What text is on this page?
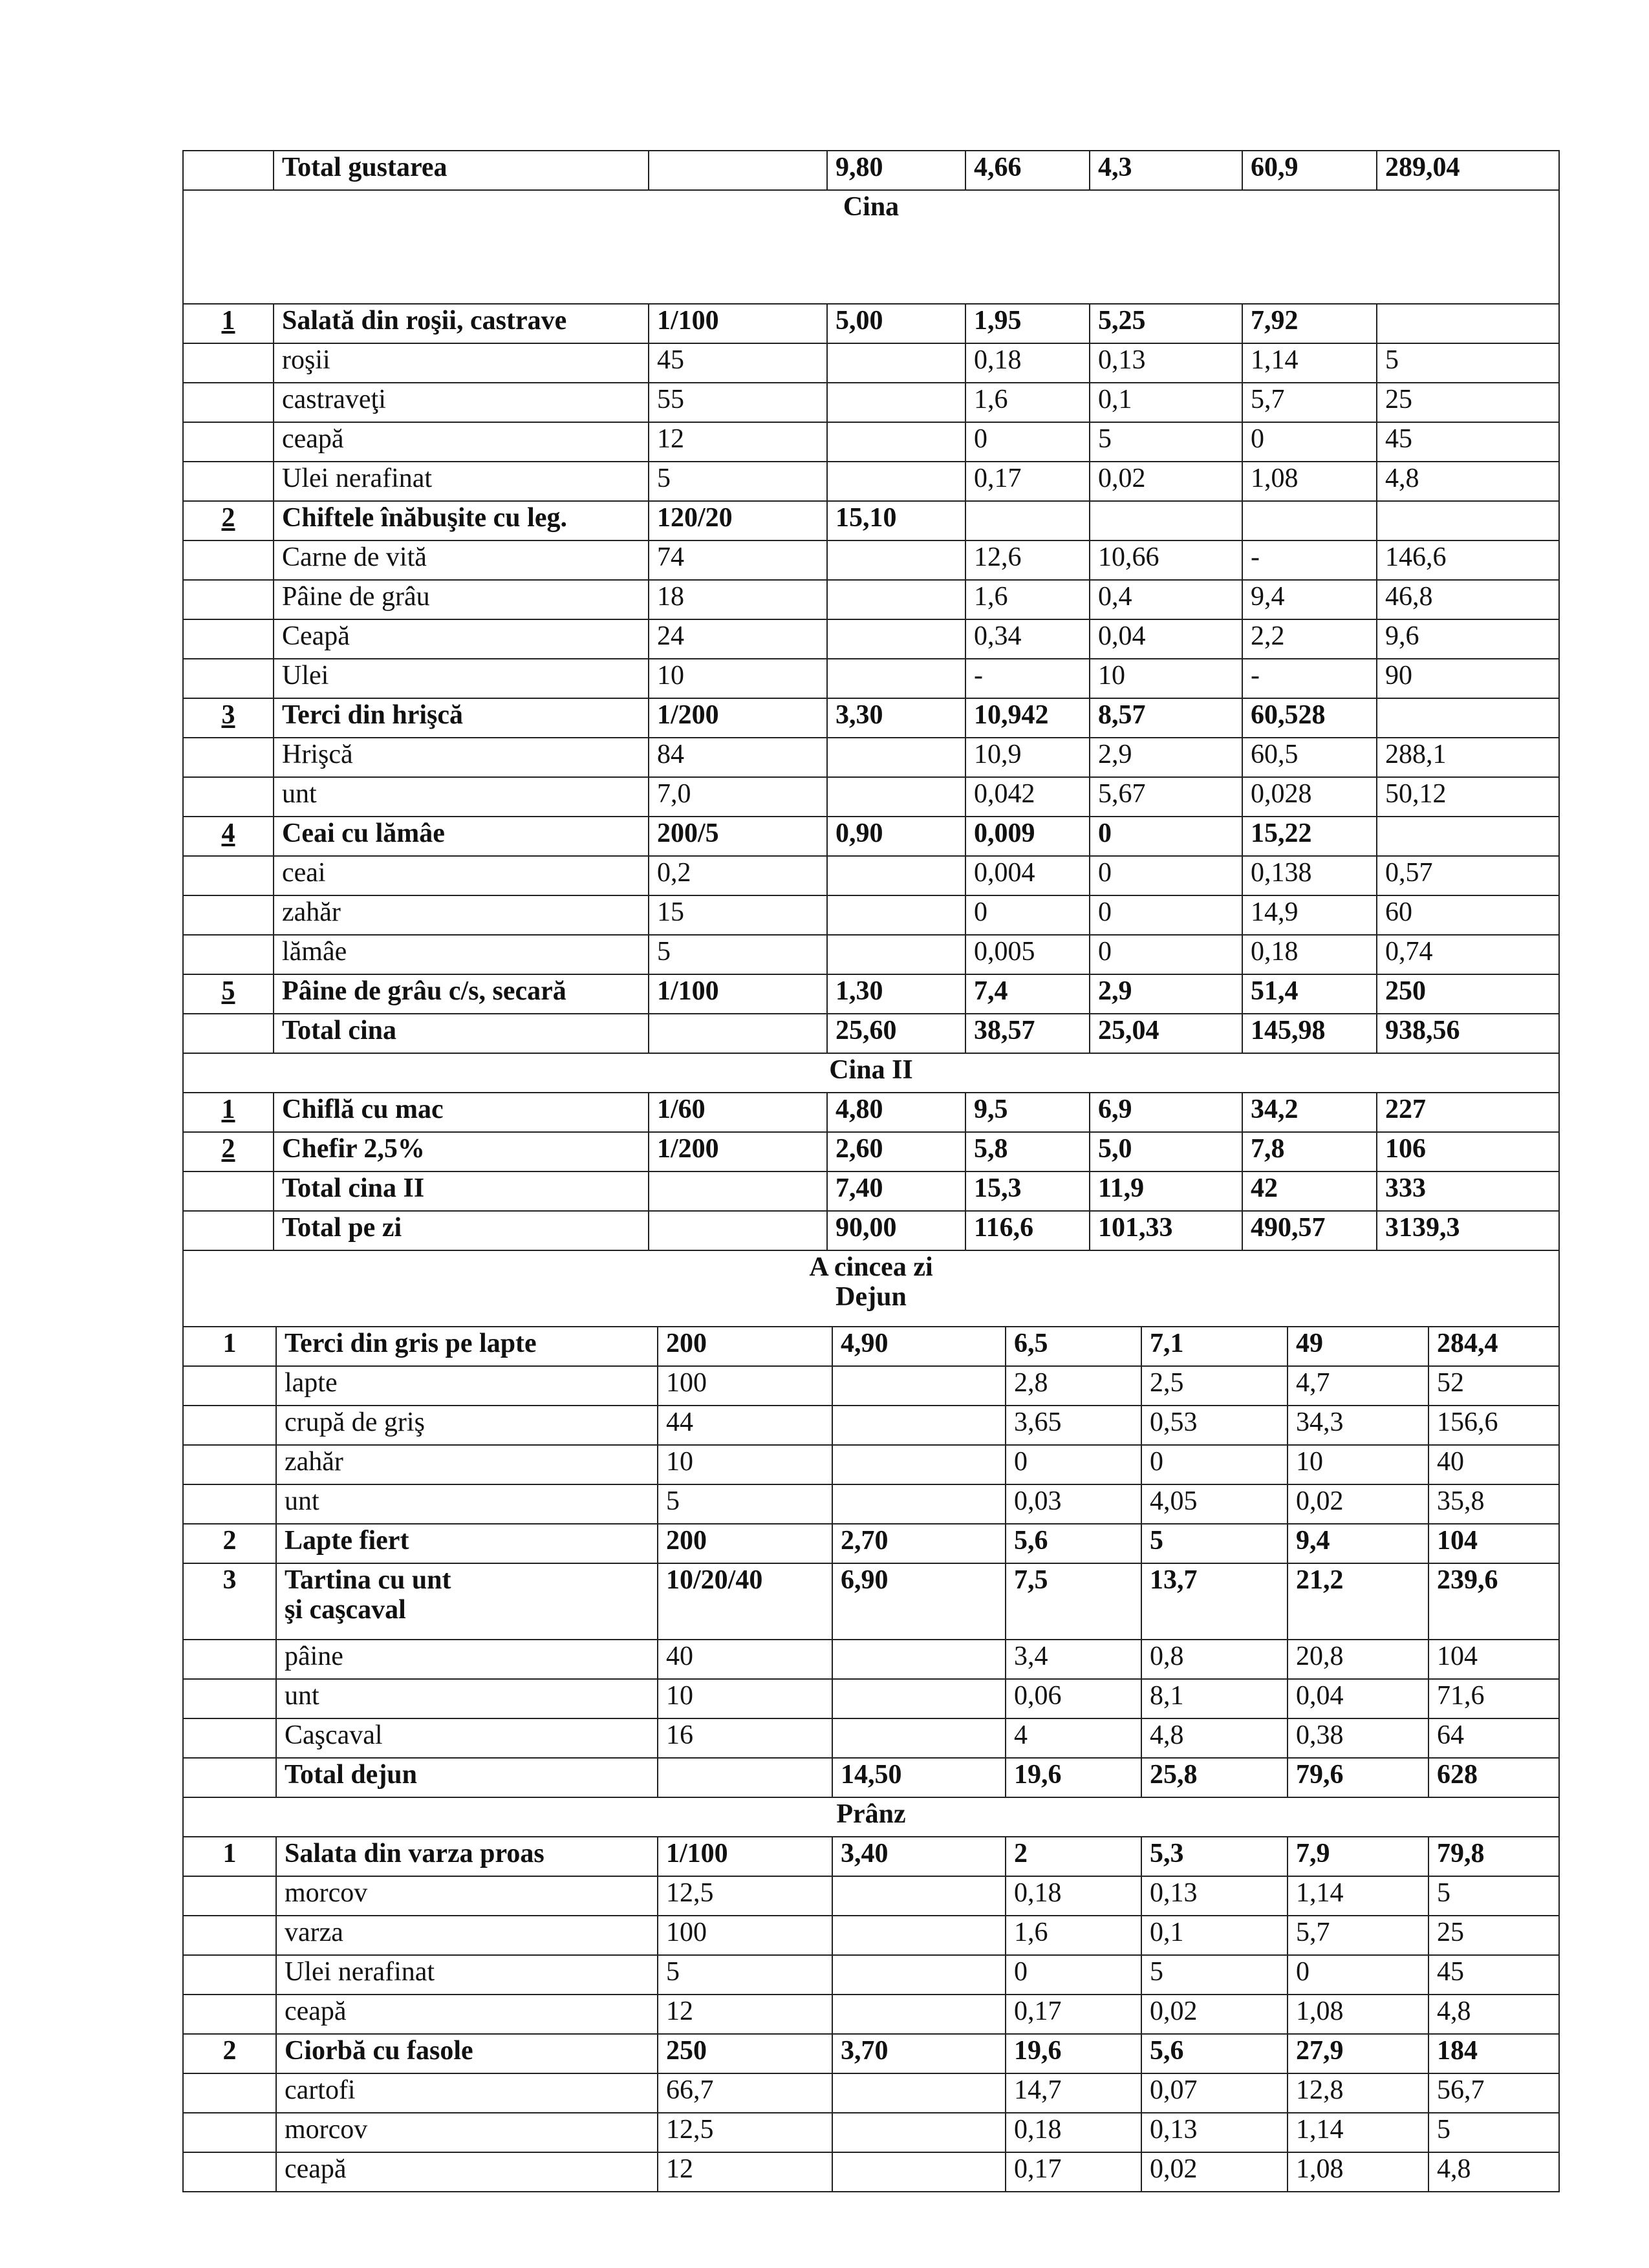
	Total gustarea		9,80	4,66	4,3	60,9	289,04
Cina							
1	Salată din roşii, castrave	1/100	5,00	1,95	5,25	7,92	

	roşii	45		0,18	0,13	1,14	5

	castraveţi	55		1,6	0,1	5,7	25

	ceapă	12		0	5	0	45

	Ulei nerafinat	5		0,17	0,02	1,08	4,8
2	Chiftele înăbuşite cu leg.	120/20	15,10				

	Carne de vită	74		12,6	10,66	-	146,6

	Pâine de grâu	18		1,6	0,4	9,4	46,8

	Ceapă	24		0,34	0,04	2,2	9,6

	Ulei	10		-	10	-	90
3	Terci din hrişcă	1/200	3,30	10,942	8,57	60,528	

	Hrişcă	84		10,9	2,9	60,5	288,1

	unt	7,0		0,042	5,67	0,028	50,12
4	Ceai cu lămâe	200/5	0,90	0,009	0	15,22	

	ceai	0,2		0,004	0	0,138	0,57

	zahăr	15		0	0	14,9	60

	lămâe	5		0,005	0	0,18	0,74
5	Pâine de grâu c/s, secară	1/100	1,30	7,4	2,9	51,4	250

	Total cina		25,60	38,57	25,04	145,98	938,56
Cina II							
1	Chiflă cu mac	1/60	4,80	9,5	6,9	34,2	227
2	Chefir 2,5%	1/200	2,60	5,8	5,0	7,8	106

	Total cina II		7,40	15,3	11,9	42	333

	Total pe zi		90,00	116,6	101,33	490,57	3139,3

A cincea zi
Dejun							
1	Terci din gris pe lapte	200	4,90	6,5	7,1	49	284,4

	lapte	100		2,8	2,5	4,7	52

	crupă de griş	44		3,65	0,53	34,3	156,6

	zahăr	10		0	0	10	40

	unt	5		0,03	4,05	0,02	35,8
2	Lapte fiert	200	2,70	5,6	5	9,4	104
3	Tartina cu unt
şi caşcaval	10/20/40	6,90	7,5	13,7	21,2	239,6

	pâine	40		3,4	0,8	20,8	104

	unt	10		0,06	8,1	0,04	71,6

	Caşcaval	16		4	4,8	0,38	64

	Total dejun		14,50	19,6	25,8	79,6	628
Prânz							
1	Salata din varza proas	1/100	3,40	2	5,3	7,9	79,8

	morcov	12,5		0,18	0,13	1,14	5

	varza	100		1,6	0,1	5,7	25

	Ulei nerafinat	5		0	5	0	45

	ceapă	12		0,17	0,02	1,08	4,8
2	Ciorbă cu fasole	250	3,70	19,6	5,6	27,9	184

	cartofi	66,7		14,7	0,07	12,8	56,7

	morcov	12,5		0,18	0,13	1,14	5

	ceapă	12		0,17	0,02	1,08	4,8
